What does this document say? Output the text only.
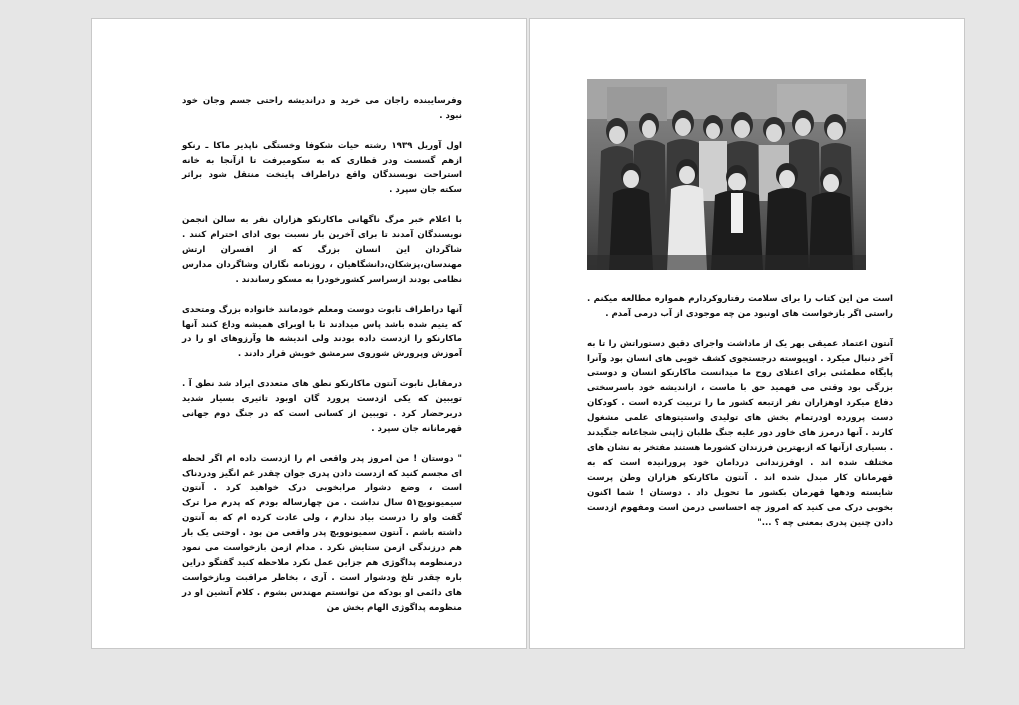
وفرسايبنده راجان مى خريد و دراندیشه راحتی جسم وجان خود نبود .

اول آوريل ۱۹۳۹ رشته حيات شکوفا وخستگی ناپذير ماکا ـ رنکو ازهم گسست ودر قطاری که به سکومیرفت تا ازآنجا به خانه استراحت نویسندگان واقع دراطراف پايتخت منتقل شود براثر سکته جان سپرد .

با اعلام خبر مرگ ناگهانی ماکارنکو هزاران نفر به سالن انجمن نویسندگان آمدند تا برای آخرين بار نسبت بوی ادای احترام کنند . شاگردان اين انسان بزرگ که از افسران ارتش مهندسان،پزشکان،دانشگاهیان ، روزنامه نگاران وشاگردان مدارس نظامی بودند ازسراسر کشورخودرا به مسکو رساندند .

آنها دراطراف تابوت دوست ومعلم خودمانند خانواده بزرگ ومتحدی که یتیم شده باشد پاس میدادند تا با اوبرای همیشه وداع کنند آنها ماکارنکو را ازدست داده بودند ولی اندیشه ها وآرزوهای او را در آموزش وپرورش شوروی سرمشق خویش قرار دادند .

درمقابل تابوت آنتون ماکارنکو نطق های متعددی ايراد شد نطق آ . تویبین که یکی ازدست پرورد گان اوبود تاثیری بسیار شدید دربرحضار کرد . تویبین از کسانی است که در جنگ دوم جهانی قهرمانانه جان سپرد .

" دوستان ! من امروز پدر واقعی ام را ازدست داده ام اگر لحظه ای مجسم کنید که ازدست دادن پدری جوان چقدر غم انگیز ودردناک است ، وضع دشوار مرابخوبی درک خواهید کرد . آنتون سیمیونویچ۵۱ سال نداشت . من چهارساله بودم که پدرم مرا ترک گفت واو را درست بیاد ندارم ، ولی عادت کرده ام که به آنتون داشته باشم . آنتون سمیونوویچ پدر واقعی من بود . اوحتی یک بار هم درزندگی ازمن ستایش نکرد . مدام ازمن بازخواست می نمود درمنظومه پداگوژی هم جزاین عمل نکرد ملاحظه کنید گفتگو دراین باره چقدر تلخ ودشوار است . آری ، بخاطر مراقبت وبازخواست های دائمی او بودکه من توانستم مهندس بشوم . کلام آتشین او در منظومه پداگوژی الهام بخش من

است من اين کتاب را برای سلامت رفتاروکردارم همواره مطالعه میکنم . راستی اگر بازخواست های اونبود من چه موجودی از آب درمی آمدم .

آنتون اعتماد عمیقی بهر یک از ماداشت واجرای دقیق دستوراتش را تا به آخر دنبال میکرد . اوپیوسته درجستجوی کشف خوبی های انسان بود وآنرا پایگاه مطمئنی برای اعتلای روح ما میدانست ماکارنکو انسان و دوستی بزرگی بود وقتی می فهمید حق با ماست ، ازاندیشه خود باسرسختی دفاع میکرد اوهزاران نفر ازتبعه کشور ما را تربیت کرده است . کودکان دست پرورده اودرتمام بخش های تولیدی واستیتوهای علمی مشغول کارند . آنها درمرز های خاور دور علیه جنگ طلبان ژاپنی شجاعانه جنگیدند . بسیاری ازآنها که ازبهترین فرزندان کشورما هستند مفتخر به نشان های مختلف شده اند . اوفرزندانی دردامان خود پرورانیده است که به قهرمانان کار مبدل شده اند . آنتون ماکارنکو هزاران وطن پرست شایسته ودهها قهرمان بکشور ما تحویل داد . دوستان ! شما اکنون بخوبی درک می کنید که امروز چه احساسی درمن است ومفهوم ازدست دادن چنین پدری بمعنی چه ؟ ..."
